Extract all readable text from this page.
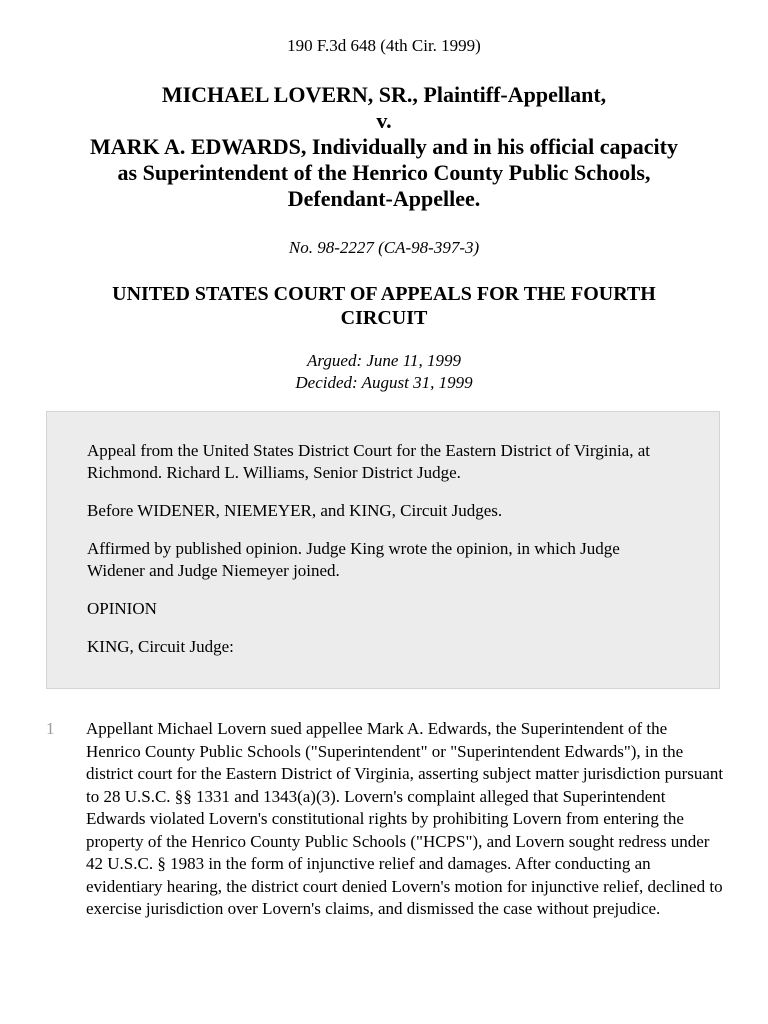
190 F.3d 648 (4th Cir. 1999)
MICHAEL LOVERN, SR., Plaintiff-Appellant,
v.
MARK A. EDWARDS, Individually and in his official capacity
as Superintendent of the Henrico County Public Schools,
Defendant-Appellee.
No. 98-2227 (CA-98-397-3)
UNITED STATES COURT OF APPEALS FOR THE FOURTH
CIRCUIT
Argued: June 11, 1999
Decided: August 31, 1999

Appeal from the United States District Court for the Eastern District of Virginia, at Richmond. Richard L. Williams, Senior District Judge.

Before WIDENER, NIEMEYER, and KING, Circuit Judges.

Affirmed by published opinion. Judge King wrote the opinion, in which Judge Widener and Judge Niemeyer joined.

OPINION

KING, Circuit Judge:

1 Appellant Michael Lovern sued appellee Mark A. Edwards, the Superintendent of the Henrico County Public Schools ("Superintendent" or "Superintendent Edwards"), in the district court for the Eastern District of Virginia, asserting subject matter jurisdiction pursuant to 28 U.S.C. §§ 1331 and 1343(a)(3). Lovern's complaint alleged that Superintendent Edwards violated Lovern's constitutional rights by prohibiting Lovern from entering the property of the Henrico County Public Schools ("HCPS"), and Lovern sought redress under 42 U.S.C. § 1983 in the form of injunctive relief and damages. After conducting an evidentiary hearing, the district court denied Lovern's motion for injunctive relief, declined to exercise jurisdiction over Lovern's claims, and dismissed the case without prejudice.
